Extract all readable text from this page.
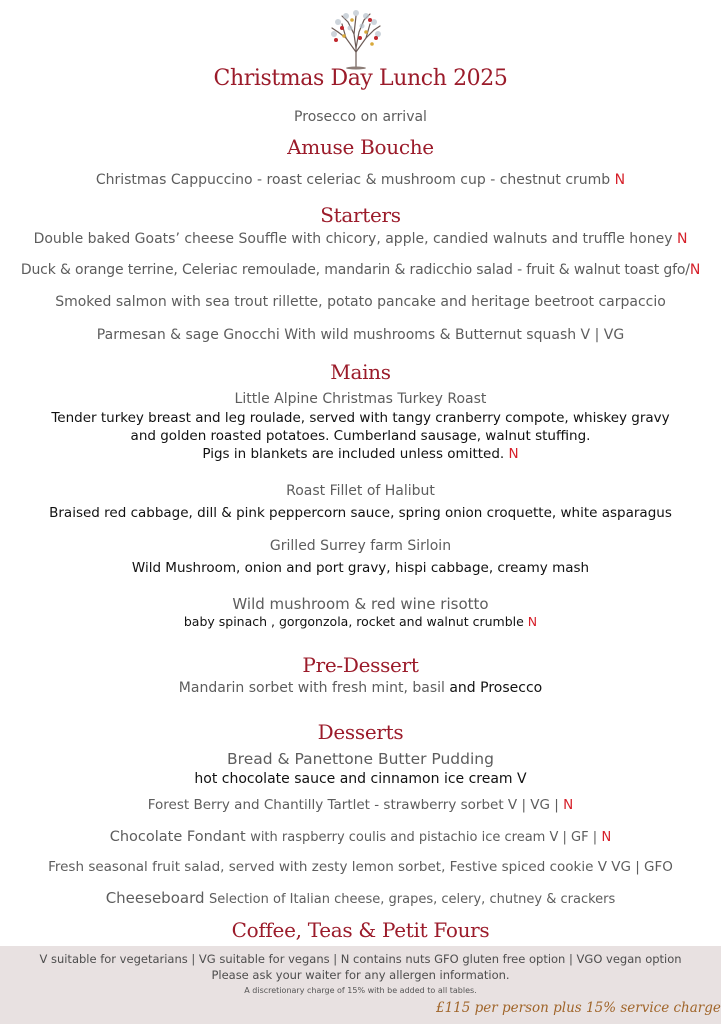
Christmas Day Lunch 2025
Prosecco on arrival
Amuse Bouche
Christmas Cappuccino - roast celeriac & mushroom cup - chestnut crumb N
Starters
Double baked Goats’ cheese Souffle with chicory, apple, candied walnuts and truffle honey N
Duck & orange terrine, Celeriac remoulade, mandarin & radicchio salad - fruit & walnut toast gfo/N
Smoked salmon with sea trout rillette, potato pancake and heritage beetroot carpaccio
Parmesan & sage Gnocchi With wild mushrooms & Butternut squash V | VG
Mains
Little Alpine Christmas Turkey Roast
Tender turkey breast and leg roulade, served with tangy cranberry compote, whiskey gravy
and golden roasted potatoes. Cumberland sausage, walnut stuffing.
Pigs in blankets are included unless omitted. N
Roast Fillet of Halibut
Braised red cabbage, dill & pink peppercorn sauce, spring onion croquette, white asparagus
Grilled Surrey farm Sirloin
Wild Mushroom, onion and port gravy, hispi cabbage, creamy mash
Wild mushroom & red wine risotto
baby spinach , gorgonzola, rocket and walnut crumble N
Pre-Dessert
Mandarin sorbet with fresh mint, basil and Prosecco
Desserts
Bread & Panettone Butter Pudding
hot chocolate sauce and cinnamon ice cream V
Forest Berry and Chantilly Tartlet - strawberry sorbet V | VG | N
Chocolate Fondant with raspberry coulis and pistachio ice cream V | GF | N
Fresh seasonal fruit salad, served with zesty lemon sorbet, Festive spiced cookie V VG | GFO
Cheeseboard Selection of Italian cheese, grapes, celery, chutney & crackers
Coffee, Teas & Petit Fours
V suitable for vegetarians | VG suitable for vegans | N contains nuts GFO gluten free option | VGO vegan option
Please ask your waiter for any allergen information.
A discretionary charge of 15% with be added to all tables.
£115 per person plus 15% service charge
